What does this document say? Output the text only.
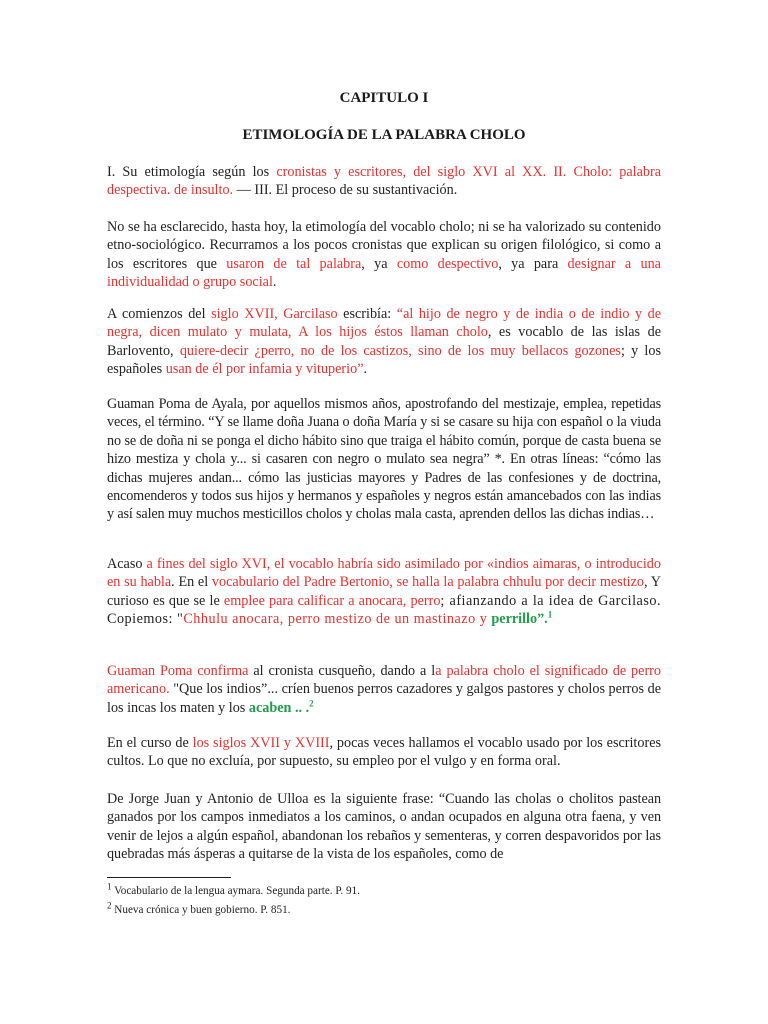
CAPITULO I
ETIMOLOGÍA DE LA PALABRA CHOLO

I. Su etimología según los cronistas y escritores, del siglo XVI al XX. II. Cholo: palabra despectiva. de insulto. — III. El proceso de su sustantivación.

No se ha esclarecido, hasta hoy, la etimología del vocablo cholo; ni se ha valorizado su contenido etno-sociológico. Recurramos a los pocos cronistas que explican su origen filológico, si como a los escritores que usaron de tal palabra, ya como despectivo, ya para designar a una individualidad o grupo social.

A comienzos del siglo XVII, Garcilaso escribía: “al hijo de negro y de india o de indio y de negra, dicen mulato y mulata, A los hijos éstos llaman cholo, es vocablo de las islas de Barlovento, quiere-decir ¿perro, no de los castizos, sino de los muy bellacos gozones; y los españoles usan de él por infamia y vituperio”.

Guaman Poma de Ayala, por aquellos mismos años, apostrofando del mestizaje, emplea, repetidas veces, el término. “Y se llame doña Juana o doña María y si se casare su hija con español o la viuda no se de doña ni se ponga el dicho hábito sino que traiga el hábito común, porque de casta buena se hizo mestiza y chola y... si casaren con negro o mulato sea negra” *. En otras líneas: “cómo las dichas mujeres andan... cómo las justicias mayores y Padres de las confesiones y de doctrina, encomenderos y todos sus hijos y hermanos y españoles y negros están amancebados con las indias y así salen muy muchos mesticillos cholos y cholas mala casta, aprenden dellos las dichas indias…

Acaso a fines del siglo XVI, el vocablo habría sido asimilado por «indios aimaras, o introducido en su habla. En el vocabulario del Padre Bertonio, se halla la palabra chhulu por decir mestizo, Y curioso es que se le emplee para calificar a anocara, perro; afianzando a la idea de Garcilaso. Copiemos: "Chhulu anocara, perro mestizo de un mastinazo y perrillo”.$^1$

Guaman Poma confirma al cronista cusqueño, dando a la palabra cholo el significado de perro americano. "Que los indios”... críen buenos perros cazadores y galgos pastores y cholos perros de los incas los maten y los acaben .. .$^2$

En el curso de los siglos XVII y XVIII, pocas veces hallamos el vocablo usado por los escritores cultos. Lo que no excluía, por supuesto, su empleo por el vulgo y en forma oral.

De Jorge Juan y Antonio de Ulloa es la siguiente frase: “Cuando las cholas o cholitos pastean ganados por los campos inmediatos a los caminos, o andan ocupados en alguna otra faena, y ven venir de lejos a algún español, abandonan los rebaños y sementeras, y corren despavoridos por las quebradas más ásperas a quitarse de la vista de los españoles, como de

$^1$ Vocabulario de la lengua aymara. Segunda parte. P. 91.

$^2$ Nueva crónica y buen gobierno. P. 851.
